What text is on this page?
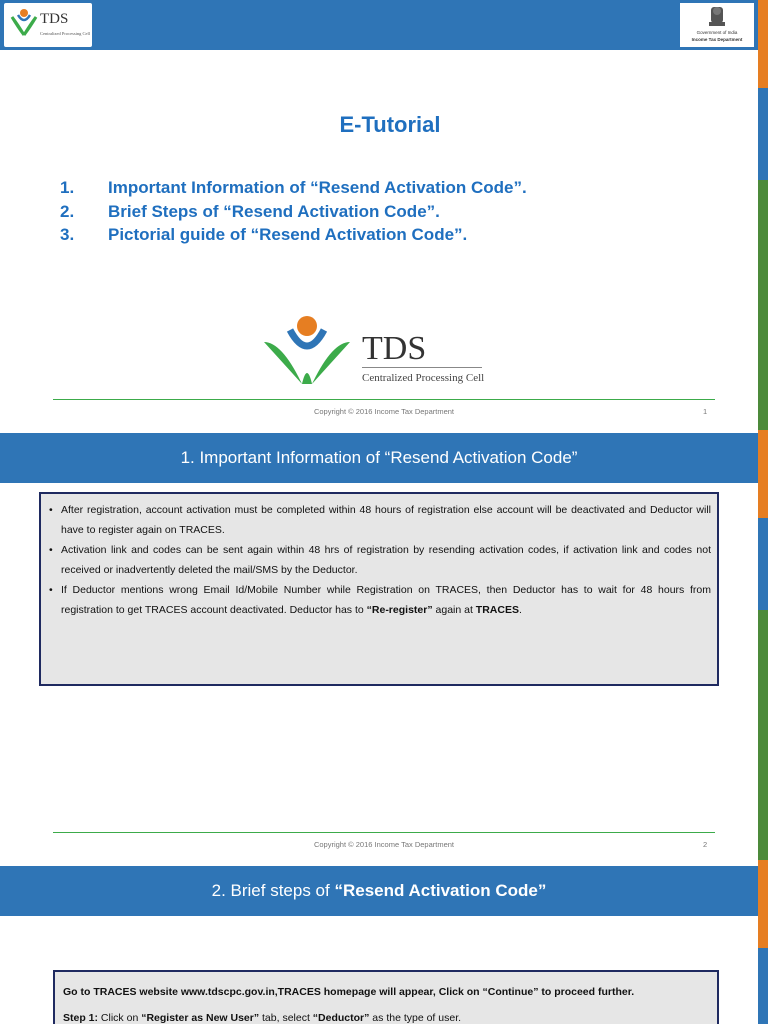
TDS
Centralized Processing Cell	Government of India
Income Tax Department
E-Tutorial
1.	Important Information of “Resend Activation Code”.
2.	Brief Steps of “Resend Activation Code”.
3.	Pictorial guide of “Resend Activation Code”.
TDS
Centralized Processing Cell
Copyright © 2016 Income Tax Department	1
1. Important Information of “Resend Activation Code”
• After registration, account activation must be completed within 48 hours of registration else account will be deactivated and Deductor will have to register again on TRACES.
• Activation link and codes can be sent again within 48 hrs of registration by resending activation codes, if activation link and codes not received or inadvertently deleted the mail/SMS by the Deductor.
• If Deductor mentions wrong Email Id/Mobile Number while Registration on TRACES, then Deductor has to wait for 48 hours from registration to get TRACES account deactivated. Deductor has to “Re-register” again at TRACES.
Copyright © 2016 Income Tax Department	2
2. Brief steps of “Resend Activation Code”
Go to TRACES website www.tdscpc.gov.in,TRACES homepage will appear, Click on “Continue” to proceed further.
Step 1: Click on “Register as New User” tab, select “Deductor” as the type of user.
